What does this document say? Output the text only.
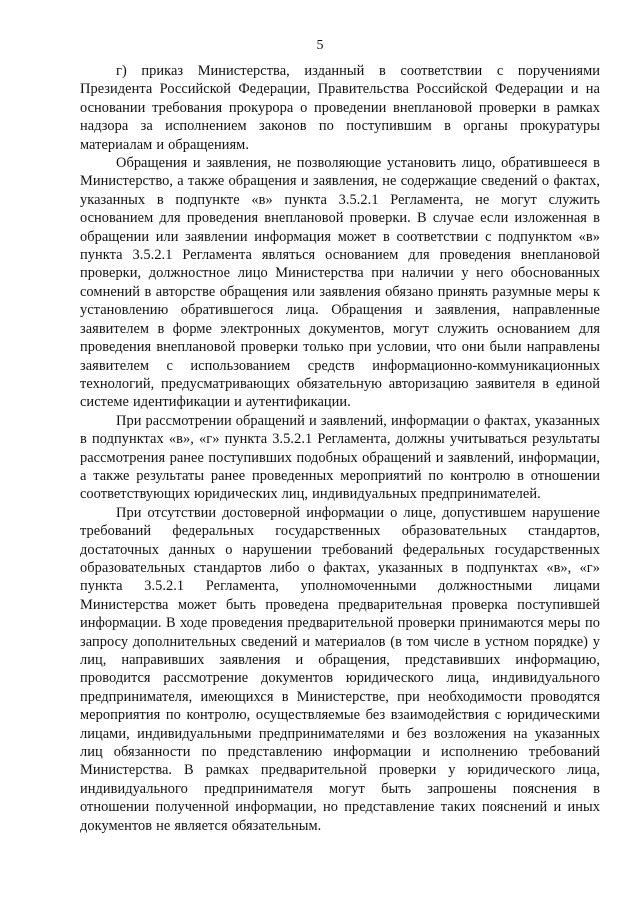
5

г) приказ Министерства, изданный в соответствии с поручениями Президента Российской Федерации, Правительства Российской Федерации и на основании требования прокурора о проведении внеплановой проверки в рамках надзора за исполнением законов по поступившим в органы прокуратуры материалам и обращениям.

Обращения и заявления, не позволяющие установить лицо, обратившееся в Министерство, а также обращения и заявления, не содержащие сведений о фактах, указанных в подпункте «в» пункта 3.5.2.1 Регламента, не могут служить основанием для проведения внеплановой проверки. В случае если изложенная в обращении или заявлении информация может в соответствии с подпунктом «в» пункта 3.5.2.1 Регламента являться основанием для проведения внеплановой проверки, должностное лицо Министерства при наличии у него обоснованных сомнений в авторстве обращения или заявления обязано принять разумные меры к установлению обратившегося лица. Обращения и заявления, направленные заявителем в форме электронных документов, могут служить основанием для проведения внеплановой проверки только при условии, что они были направлены заявителем с использованием средств информационно-коммуникационных технологий, предусматривающих обязательную авторизацию заявителя в единой системе идентификации и аутентификации.

При рассмотрении обращений и заявлений, информации о фактах, указанных в подпунктах «в», «г» пункта 3.5.2.1 Регламента, должны учитываться результаты рассмотрения ранее поступивших подобных обращений и заявлений, информации, а также результаты ранее проведенных мероприятий по контролю в отношении соответствующих юридических лиц, индивидуальных предпринимателей.

При отсутствии достоверной информации о лице, допустившем нарушение требований федеральных государственных образовательных стандартов, достаточных данных о нарушении требований федеральных государственных образовательных стандартов либо о фактах, указанных в подпунктах «в», «г» пункта 3.5.2.1 Регламента, уполномоченными должностными лицами Министерства может быть проведена предварительная проверка поступившей информации. В ходе проведения предварительной проверки принимаются меры по запросу дополнительных сведений и материалов (в том числе в устном порядке) у лиц, направивших заявления и обращения, представивших информацию, проводится рассмотрение документов юридического лица, индивидуального предпринимателя, имеющихся в Министерстве, при необходимости проводятся мероприятия по контролю, осуществляемые без взаимодействия с юридическими лицами, индивидуальными предпринимателями и без возложения на указанных лиц обязанности по представлению информации и исполнению требований Министерства. В рамках предварительной проверки у юридического лица, индивидуального предпринимателя могут быть запрошены пояснения в отношении полученной информации, но представление таких пояснений и иных документов не является обязательным.
